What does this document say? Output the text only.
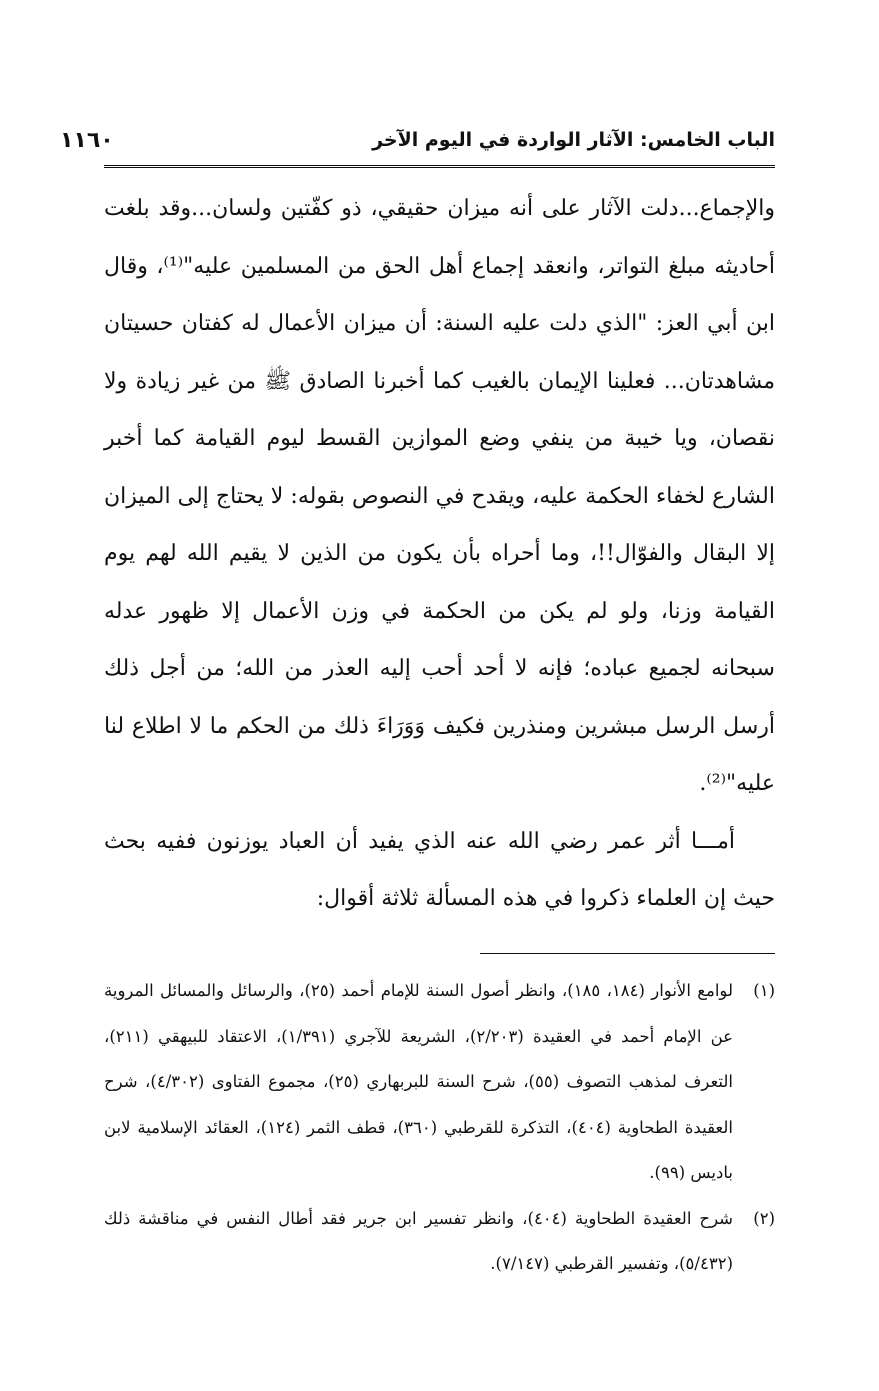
الباب الخامس: الآثار الواردة في اليوم الآخر
١١٦٠

والإجماع...دلت الآثار على أنه ميزان حقيقي، ذو كفّتين ولسان...وقد بلغت أحاديثه مبلغ التواتر، وانعقد إجماع أهل الحق من المسلمين عليه"⁽¹⁾، وقال ابن أبي العز: "الذي دلت عليه السنة: أن ميزان الأعمال له كفتان حسيتان مشاهدتان... فعلينا الإيمان بالغيب كما أخبرنا الصادق ﷺ من غير زيادة ولا نقصان، ويا خيبة من ينفي وضع الموازين القسط ليوم القيامة كما أخبر الشارع لخفاء الحكمة عليه، ويقدح في النصوص بقوله: لا يحتاج إلى الميزان إلا البقال والفوّال!!، وما أحراه بأن يكون من الذين لا يقيم الله لهم يوم القيامة وزنا، ولو لم يكن من الحكمة في وزن الأعمال إلا ظهور عدله سبحانه لجميع عباده؛ فإنه لا أحد أحب إليه العذر من الله؛ من أجل ذلك أرسل الرسل مبشرين ومنذرين فكيف وَوَرَاءَ ذلك من الحكم ما لا اطلاع لنا عليه"⁽²⁾.

أمـــا أثر عمر رضي الله عنه الذي يفيد أن العباد يوزنون ففيه بحث حيث إن العلماء ذكروا في هذه المسألة ثلاثة أقوال:

(١)
لوامع الأنوار (١٨٤، ١٨٥)، وانظر أصول السنة للإمام أحمد (٢٥)، والرسائل والمسائل المروية عن الإمام أحمد في العقيدة (٢/٢٠٣)، الشريعة للآجري (١/٣٩١)، الاعتقاد للبيهقي (٢١١)، التعرف لمذهب التصوف (٥٥)، شرح السنة للبربهاري (٢٥)، مجموع الفتاوى (٤/٣٠٢)، شرح العقيدة الطحاوية (٤٠٤)، التذكرة للقرطبي (٣٦٠)، قطف الثمر (١٢٤)، العقائد الإسلامية لابن باديس (٩٩).

(٢)
شرح العقيدة الطحاوية (٤٠٤)، وانظر تفسير ابن جرير فقد أطال النفس في مناقشة ذلك (٥/٤٣٢)، وتفسير القرطبي (٧/١٤٧).
